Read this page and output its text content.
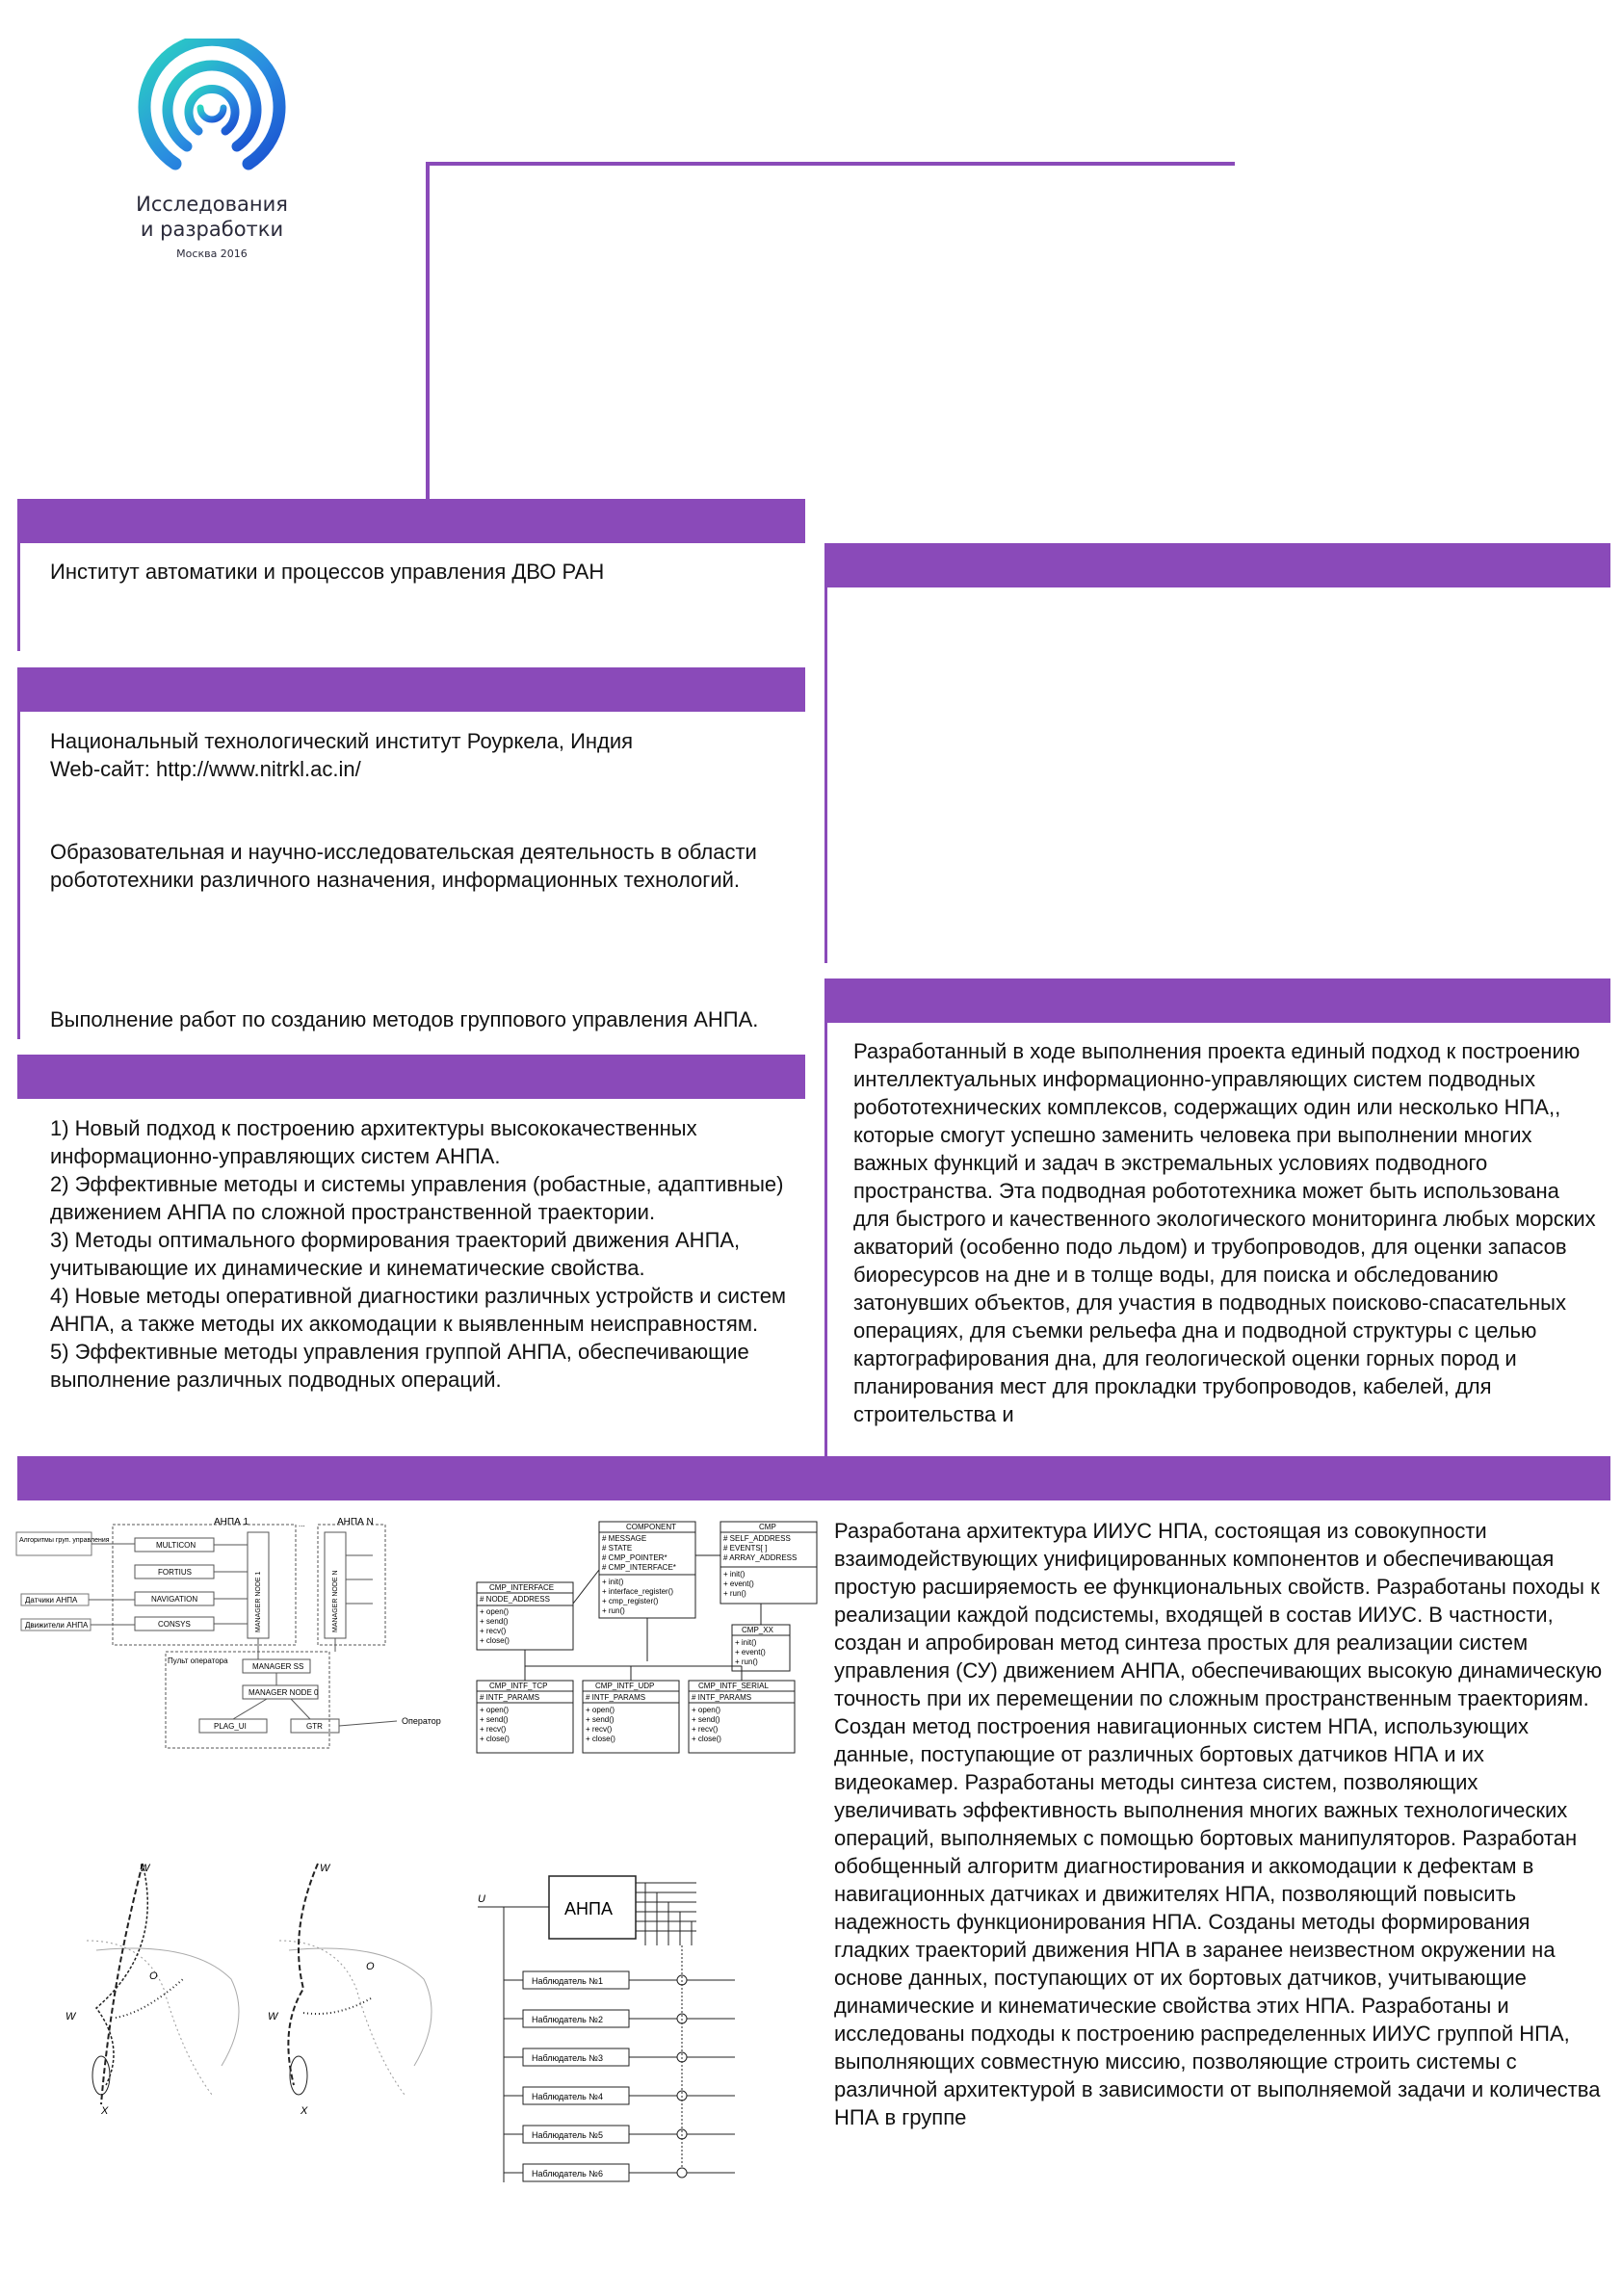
Исследования
и разработки
Москва 2016

Институт автоматики и процессов управления ДВО РАН

Национальный технологический институт Роуркела, Индия

Web-сайт: http://www.nitrkl.ac.in/

Образовательная и научно-исследовательская деятельность в области робототехники различного назначения, информационных технологий.

Выполнение работ по созданию методов группового управления АНПА.

1) Новый подход к построению архитектуры высококачественных информационно-управляющих систем АНПА.

2) Эффективные методы и системы управления (робастные, адаптивные) движением АНПА по сложной пространственной траектории.

3) Методы оптимального формирования траекторий движения АНПА, учитывающие их динамические и кинематические свойства.

4) Новые методы оперативной диагностики различных устройств и систем АНПА, а также методы их аккомодации к выявленным неисправностям.

5) Эффективные методы управления группой АНПА, обеспечивающие выполнение различных подводных операций.

Разработанный в ходе выполнения проекта единый подход к построению интеллектуальных информационно-управляющих систем подводных робототехнических комплексов, содержащих один или несколько НПА,, которые смогут успешно заменить человека при выполнении многих важных функций и задач в экстремальных условиях подводного пространства. Эта подводная робототехника может быть использована для быстрого и качественного экологического мониторинга любых морских акваторий (особенно подо льдом) и трубопроводов, для оценки запасов биоресурсов на дне и в толще воды, для поиска и обследованию затонувших объектов, для участия в подводных поисково-спасательных операциях, для съемки рельефа дна и подводной структуры с целью картографирования дна, для геологической оценки горных пород и планирования мест для прокладки трубопроводов, кабелей, для строительства и

Разработана архитектура ИИУС НПА, состоящая из совокупности взаимодействующих унифицированных компонентов и обеспечивающая простую расширяемость ее функциональных свойств. Разработаны походы к реализации каждой подсистемы, входящей в состав ИИУС. В частности, создан и апробирован метод синтеза простых для реализации систем управления (СУ) движением АНПА, обеспечивающих высокую динамическую точность при их перемещении по сложным пространственным траекториям. Создан метод построения навигационных систем НПА, использующих данные, поступающие от различных бортовых датчиков НПА и их видеокамер. Разработаны методы синтеза систем, позволяющих увеличивать эффективность выполнения многих важных технологических операций, выполняемых с помощью бортовых манипуляторов. Разработан обобщенный алгоритм диагностирования и аккомодации к дефектам в навигационных датчиках и движителях НПА, позволяющий повысить надежность функционирования НПА. Созданы методы формирования гладких траекторий движения НПА в заранее неизвестном окружении на основе данных, поступающих от их бортовых датчиков, учитывающие динамические и кинематические свойства этих НПА. Разработаны и исследованы подходы к построению распределенных ИИУС группой НПА, выполняющих совместную миссию, позволяющие строить системы с различной архитектурой в зависимости от выполняемой задачи и количества НПА в группе

АНПА 1	АНПА N
...
Алгоритмы груп. управления
Датчики АНПА
Движители АНПА
MULTICON
FORTIUS
NAVIGATION
CONSYS	MANAGER NODE 1	MANAGER NODE N
Пульт оператора
MANAGER SS
MANAGER NODE 0
PLAG_UI	GTR
Оператор
COMPONENT
# MESSAGE
# STATE
# CMP_POINTER*
# CMP_INTERFACE*
+ init()
+ interface_register()
+ cmp_register()
+ run()
CMP
# SELF_ADDRESS
# EVENTS[ ]
# ARRAY_ADDRESS
+ init()
+ event()
+ run()
CMP_INTERFACE
# NODE_ADDRESS
+ open()
+ send()
+ recv()
+ close()
CMP_XX
+ init()
+ event()
+ run()
CMP_INTF_TCP
# INTF_PARAMS
+ open()
+ send()
+ recv()
+ close()
CMP_INTF_UDP
# INTF_PARAMS
+ open()
+ send()
+ recv()
+ close()
CMP_INTF_SERIAL
# INTF_PARAMS
+ open()
+ send()
+ recv()
+ close()
W
X
O
W
W
X
O
W
U	АНПА
Наблюдатель №1
Наблюдатель №2
Наблюдатель №3
Наблюдатель №4
Наблюдатель №5
Наблюдатель №6
